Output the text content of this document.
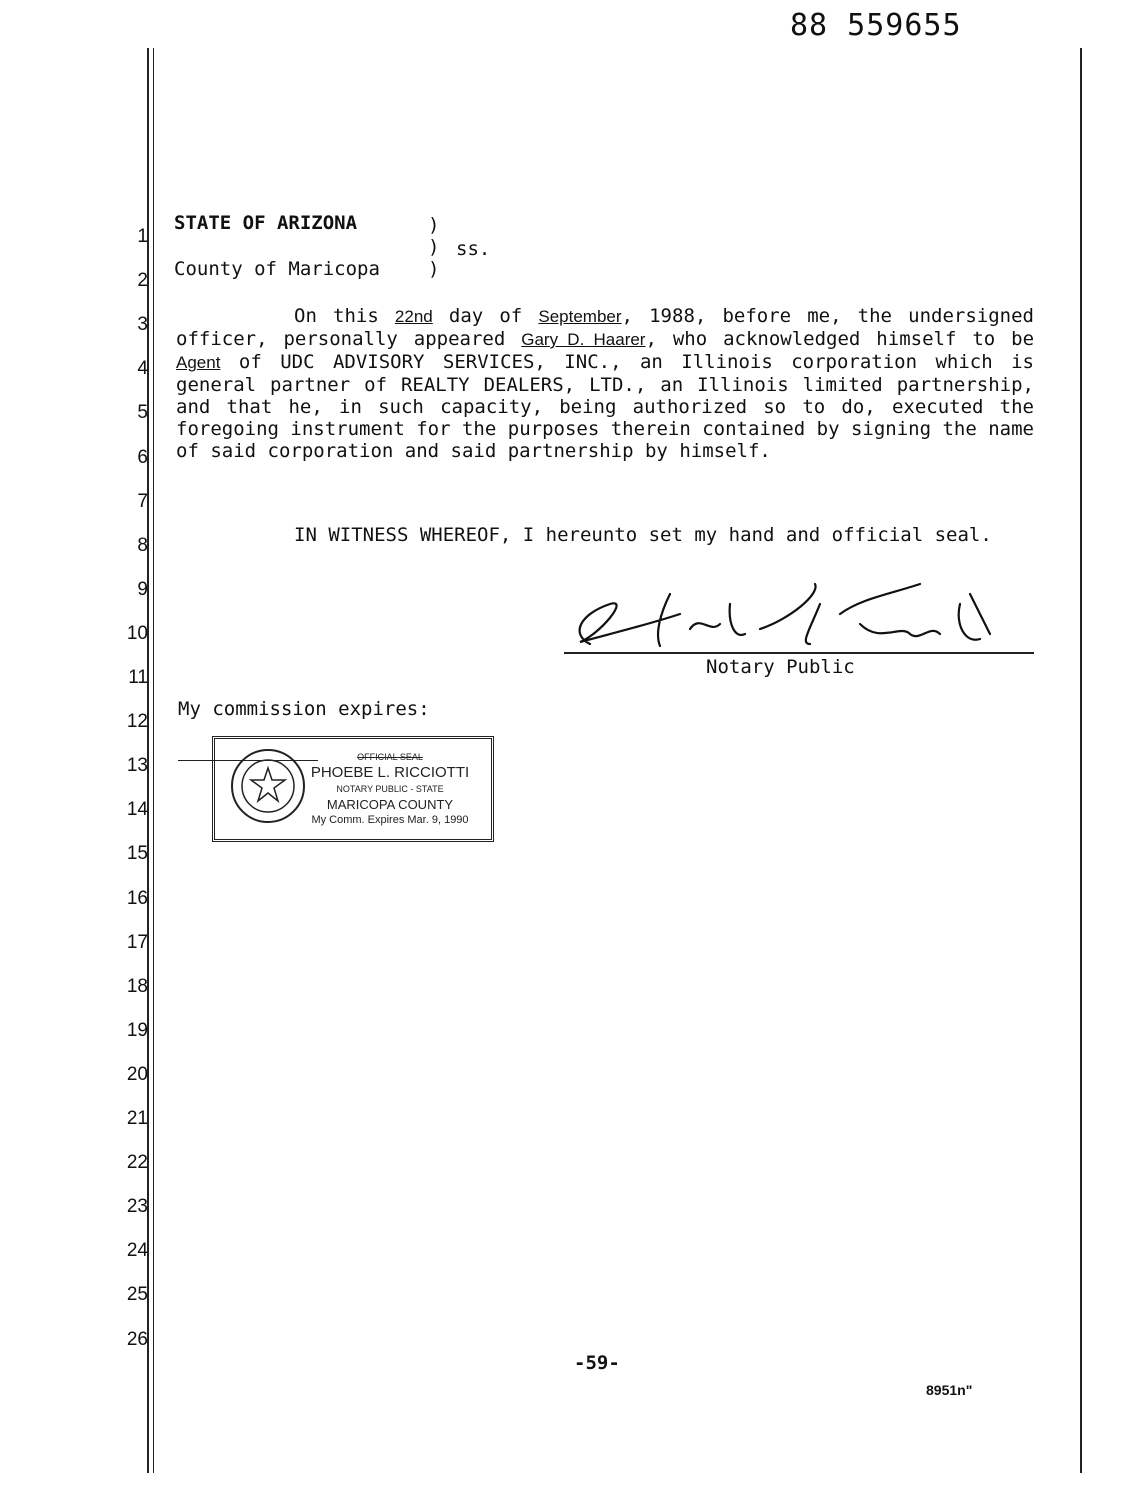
88 559655
1
2
3
4
5
6
7
8
9
10
11
12
13
14
15
16
17
18
19
20
21
22
23
24
25
26
STATE OF ARIZONA	)
) ss.
County of Maricopa	)
On this 22nd day of September, 1988, before me, the undersigned officer, personally appeared Gary D. Haarer, who acknowledged himself to be Agent of UDC ADVISORY SERVICES, INC., an Illinois corporation which is general partner of REALTY DEALERS, LTD., an Illinois limited partnership, and that he, in such capacity, being authorized so to do, executed the foregoing instrument for the purposes therein contained by signing the name of said corporation and said partnership by himself.
IN WITNESS WHEREOF, I hereunto set my hand and official seal.
Notary Public
My commission expires:
OFFICIAL SEAL
PHOEBE L. RICCIOTTI
NOTARY PUBLIC - STATE
MARICOPA COUNTY
My Comm. Expires Mar. 9, 1990
-59-
8951n"
